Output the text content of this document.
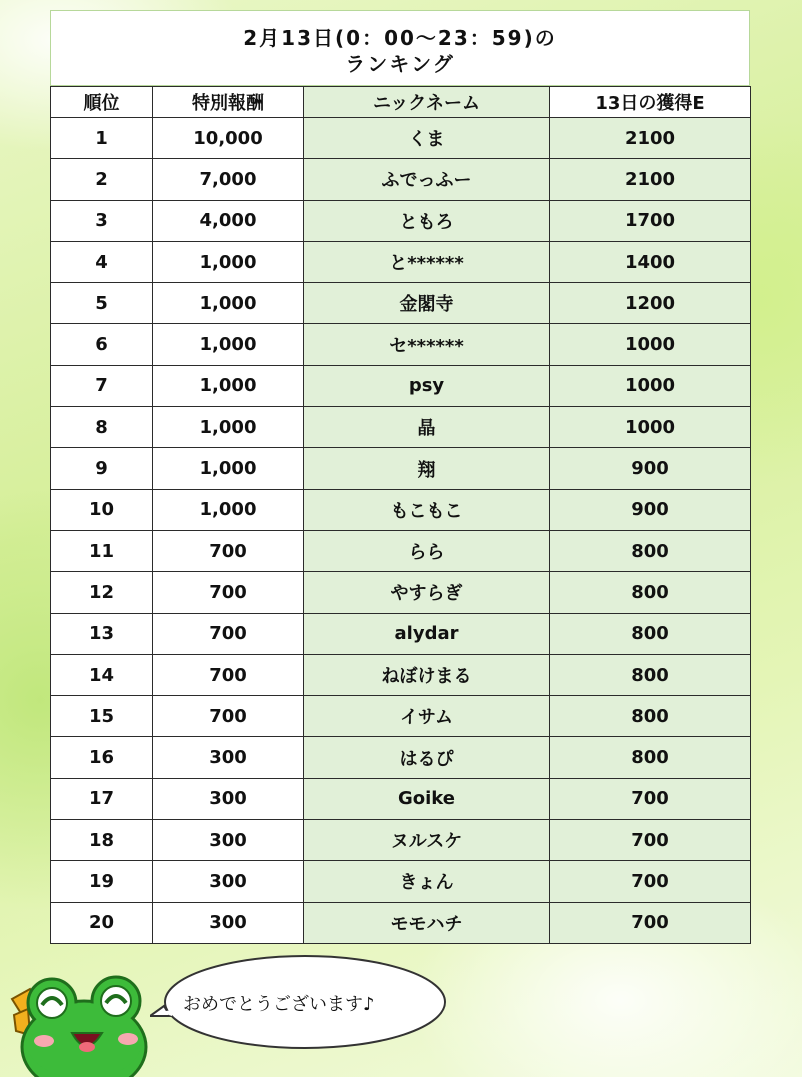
2月13日(0：00〜23：59)の
ランキング
順位	特別報酬	ニックネーム	13日の獲得E
1	10,000	くま	2100
2	7,000	ふでっふー	2100
3	4,000	ともろ	1700
4	1,000	と******	1400
5	1,000	金閣寺	1200
6	1,000	セ******	1000
7	1,000	psy	1000
8	1,000	晶	1000
9	1,000	翔	900
10	1,000	もこもこ	900
11	700	らら	800
12	700	やすらぎ	800
13	700	alydar	800
14	700	ねぼけまる	800
15	700	イサム	800
16	300	はるぴ	800
17	300	Goike	700
18	300	ヌルスケ	700
19	300	きょん	700
20	300	モモハチ	700
おめでとうございます♪
